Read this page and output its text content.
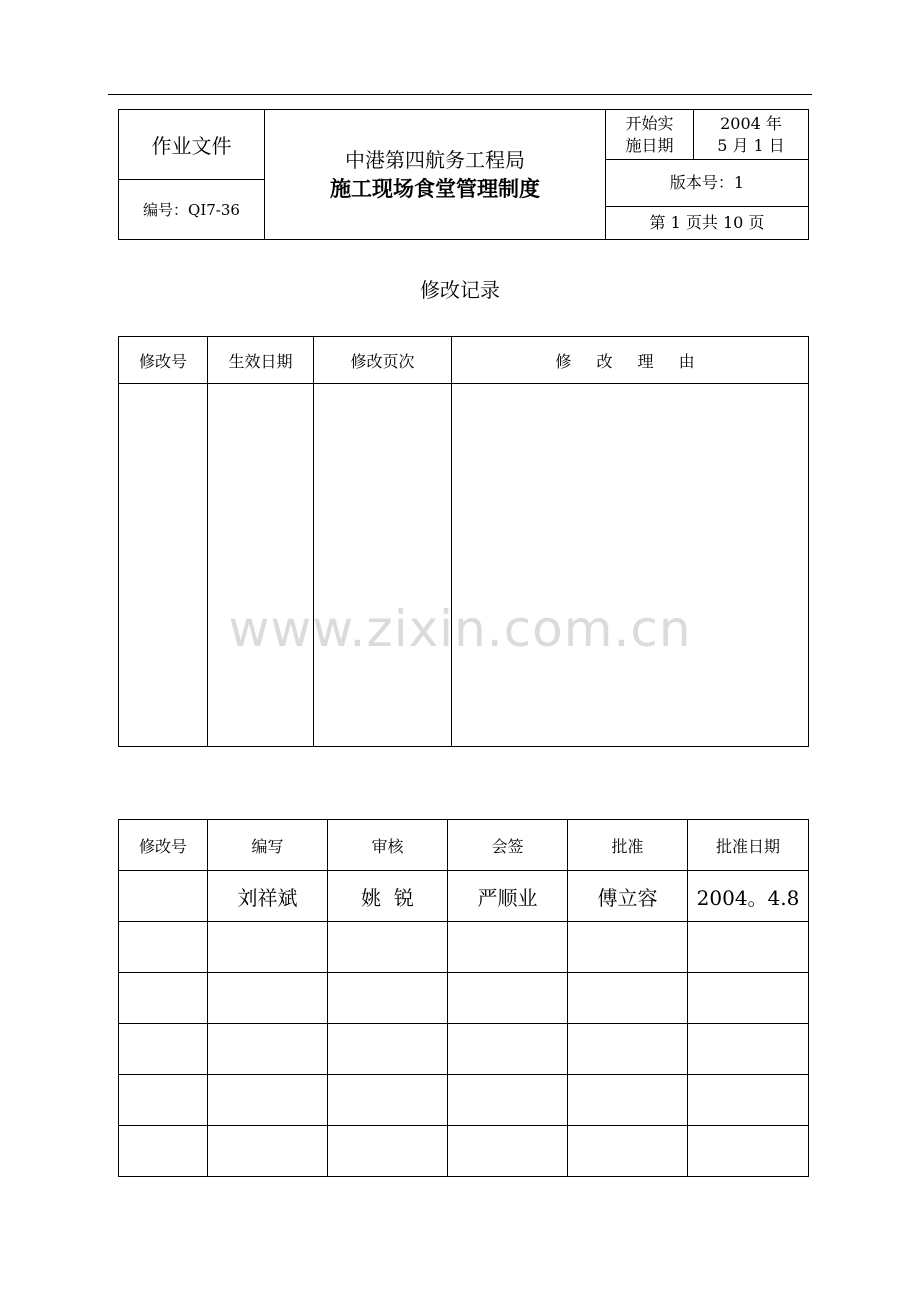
作业文件	
中港第四航务工程局
施工现场食堂管理制度

开始实
施日期

2004 年
5 月 1 日

版本号：1
编号：QI7-36
第 1 页共 10 页
修改记录
修改号	生效日期	修改页次	修 改 理 由

www.zixin.com.cn
修改号	编写	审核	会签	批准	批准日期
	刘祥斌	姚  锐	严顺业	傅立容	2004。4.8
